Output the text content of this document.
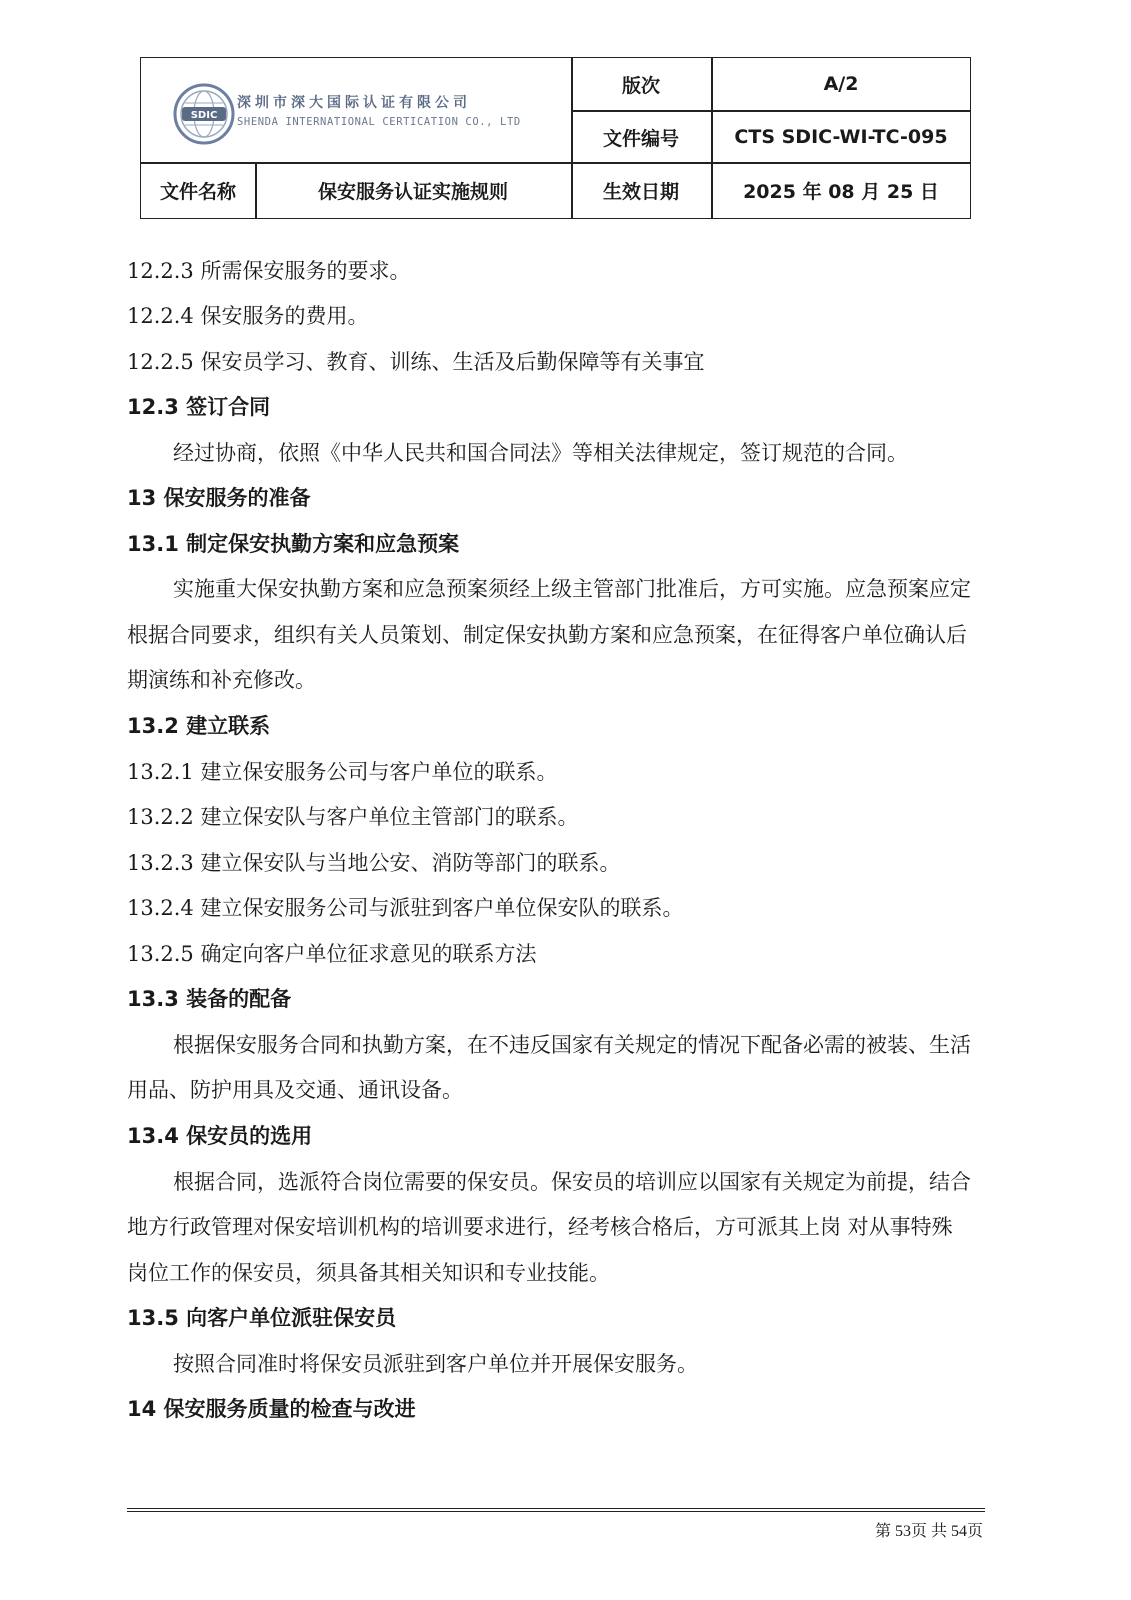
SDIC
深圳市深大国际认证有限公司
SHENDA INTERNATIONAL CERTICATION CO., LTD
版次	A/2
文件编号	CTS SDIC-WI-TC-095
文件名称	保安服务认证实施规则	生效日期	2025 年 08 月 25 日
12.2.3 所需保安服务的要求。
12.2.4 保安服务的费用。
12.2.5 保安员学习、教育、训练、生活及后勤保障等有关事宜
12.3 签订合同
经过协商，依照《中华人民共和国合同法》等相关法律规定，签订规范的合同。
13 保安服务的准备
13.1 制定保安执勤方案和应急预案
实施重大保安执勤方案和应急预案须经上级主管部门批准后，方可实施。应急预案应定
根据合同要求，组织有关人员策划、制定保安执勤方案和应急预案，在征得客户单位确认后
期演练和补充修改。
13.2 建立联系
13.2.1 建立保安服务公司与客户单位的联系。
13.2.2 建立保安队与客户单位主管部门的联系。
13.2.3 建立保安队与当地公安、消防等部门的联系。
13.2.4 建立保安服务公司与派驻到客户单位保安队的联系。
13.2.5 确定向客户单位征求意见的联系方法
13.3 装备的配备
根据保安服务合同和执勤方案，在不违反国家有关规定的情况下配备必需的被装、生活
用品、防护用具及交通、通讯设备。
13.4 保安员的选用
根据合同，选派符合岗位需要的保安员。保安员的培训应以国家有关规定为前提，结合
地方行政管理对保安培训机构的培训要求进行，经考核合格后，方可派其上岗 对从事特殊
岗位工作的保安员，须具备其相关知识和专业技能。
13.5 向客户单位派驻保安员
按照合同准时将保安员派驻到客户单位并开展保安服务。
14 保安服务质量的检查与改进
第 53页 共 54页
